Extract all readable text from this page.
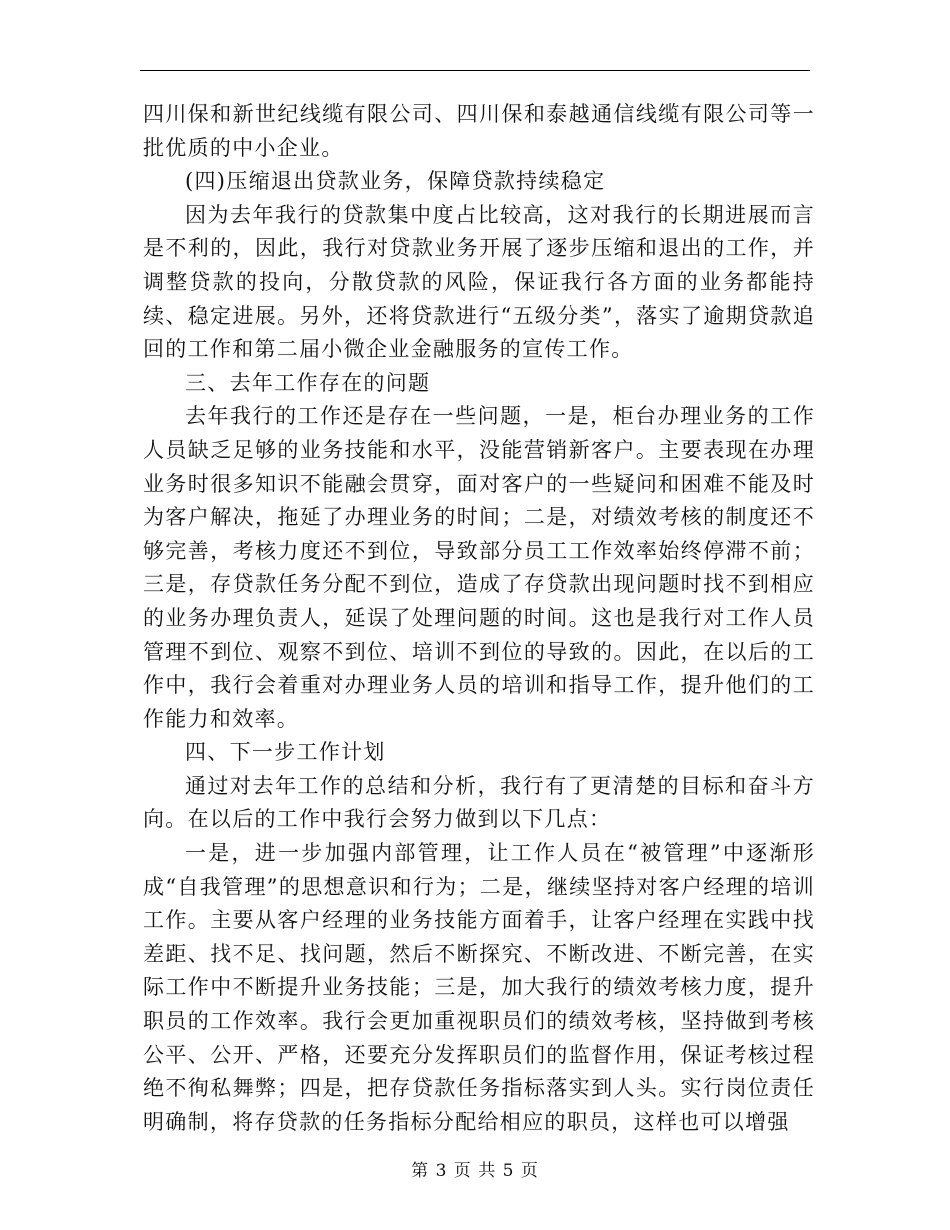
四川保和新世纪线缆有限公司、四川保和泰越通信线缆有限公司等一批优质的中小企业。

(四)压缩退出贷款业务，保障贷款持续稳定

因为去年我行的贷款集中度占比较高，这对我行的长期进展而言是不利的，因此，我行对贷款业务开展了逐步压缩和退出的工作，并调整贷款的投向，分散贷款的风险，保证我行各方面的业务都能持续、稳定进展。另外，还将贷款进行“五级分类”，落实了逾期贷款追回的工作和第二届小微企业金融服务的宣传工作。

三、去年工作存在的问题

去年我行的工作还是存在一些问题，一是，柜台办理业务的工作人员缺乏足够的业务技能和水平，没能营销新客户。主要表现在办理业务时很多知识不能融会贯穿，面对客户的一些疑问和困难不能及时为客户解决，拖延了办理业务的时间；二是，对绩效考核的制度还不够完善，考核力度还不到位，导致部分员工工作效率始终停滞不前；三是，存贷款任务分配不到位，造成了存贷款出现问题时找不到相应的业务办理负责人，延误了处理问题的时间。这也是我行对工作人员管理不到位、观察不到位、培训不到位的导致的。因此，在以后的工作中，我行会着重对办理业务人员的培训和指导工作，提升他们的工作能力和效率。

四、下一步工作计划

通过对去年工作的总结和分析，我行有了更清楚的目标和奋斗方向。在以后的工作中我行会努力做到以下几点：

一是，进一步加强内部管理，让工作人员在“被管理”中逐渐形成“自我管理”的思想意识和行为；二是，继续坚持对客户经理的培训工作。主要从客户经理的业务技能方面着手，让客户经理在实践中找差距、找不足、找问题，然后不断探究、不断改进、不断完善，在实际工作中不断提升业务技能；三是，加大我行的绩效考核力度，提升职员的工作效率。我行会更加重视职员们的绩效考核，坚持做到考核公平、公开、严格，还要充分发挥职员们的监督作用，保证考核过程绝不徇私舞弊；四是，把存贷款任务指标落实到人头。实行岗位责任明确制，将存贷款的任务指标分配给相应的职员，这样也可以增强

第 3 页 共 5 页
